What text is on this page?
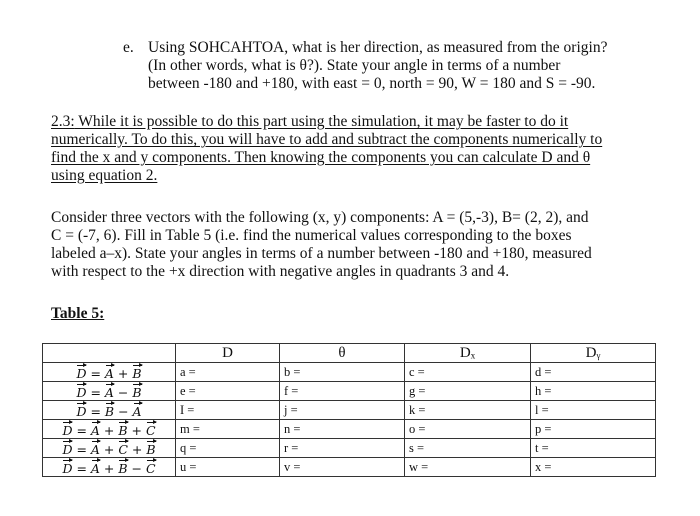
e. Using SOHCAHTOA, what is her direction, as measured from the origin?
(In other words, what is θ?). State your angle in terms of a number
between -180 and +180, with east = 0, north = 90, W = 180 and S = -90.
2.3: While it is possible to do this part using the simulation, it may be faster to do it
numerically. To do this, you will have to add and subtract the components numerically to
find the x and y components. Then knowing the components you can calculate D and θ
using equation 2.
Consider three vectors with the following (x, y) components: A = (5,-3), B= (2, 2), and
C = (-7, 6). Fill in Table 5 (i.e. find the numerical values corresponding to the boxes
labeled a–x). State your angles in terms of a number between -180 and +180, measured
with respect to the +x direction with negative angles in quadrants 3 and 4.
Table 5:
	D	θ	Dₓ	Dᵧ
D = A + B	a =	b =	c =	d =
D = A − B	e =	f =	g =	h =
D = B − A	I =	j =	k =	l =
D = A + B + C	m =	n =	o =	p =
D = A + C + B	q =	r =	s =	t =
D = A + B − C	u =	v =	w =	x =
